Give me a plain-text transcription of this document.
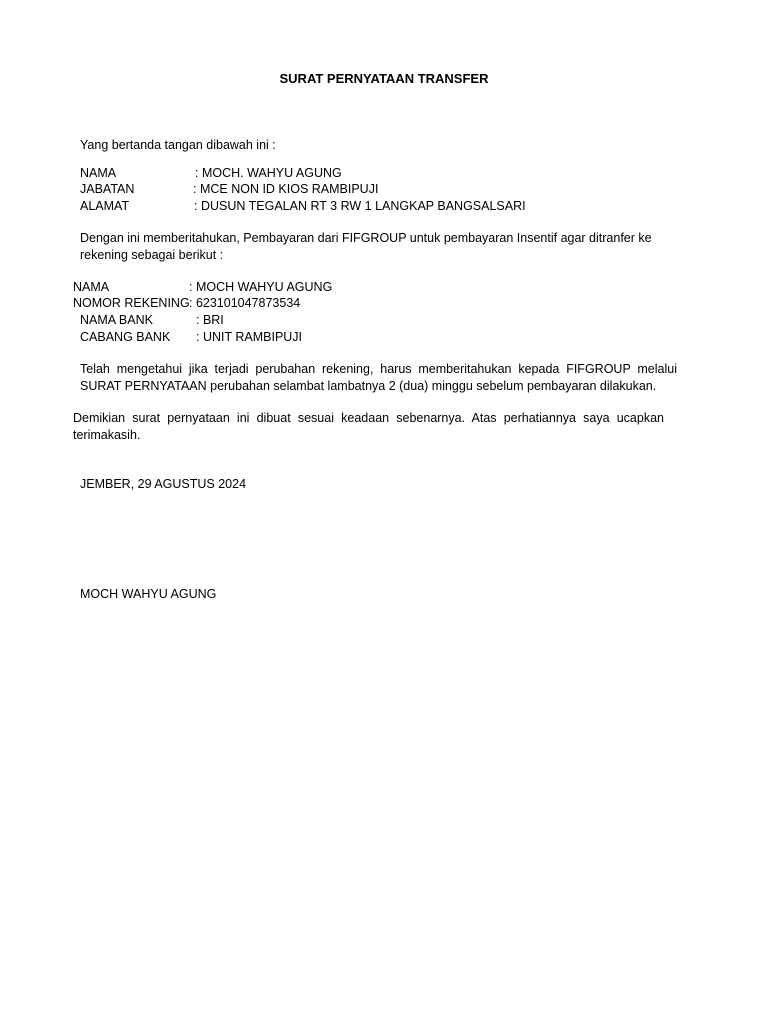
SURAT PERNYATAAN TRANSFER
Yang bertanda tangan dibawah ini :
NAMA	: MOCH. WAHYU AGUNG
JABATAN	: MCE NON ID KIOS RAMBIPUJI
ALAMAT	: DUSUN TEGALAN RT 3 RW 1 LANGKAP BANGSALSARI
Dengan ini memberitahukan, Pembayaran dari FIFGROUP untuk pembayaran Insentif agar ditranfer ke
rekening sebagai berikut :
NAMA	: MOCH WAHYU AGUNG
NOMOR REKENING : 623101047873534
NAMA BANK	: BRI
CABANG BANK : UNIT RAMBIPUJI
Telah mengetahui jika terjadi perubahan rekening, harus memberitahukan kepada FIFGROUP melalui
SURAT PERNYATAAN perubahan selambat lambatnya 2 (dua) minggu sebelum pembayaran dilakukan.
Demikian surat pernyataan ini dibuat sesuai keadaan sebenarnya. Atas perhatiannya saya ucapkan
terimakasih.
JEMBER, 29 AGUSTUS 2024
MOCH WAHYU AGUNG
